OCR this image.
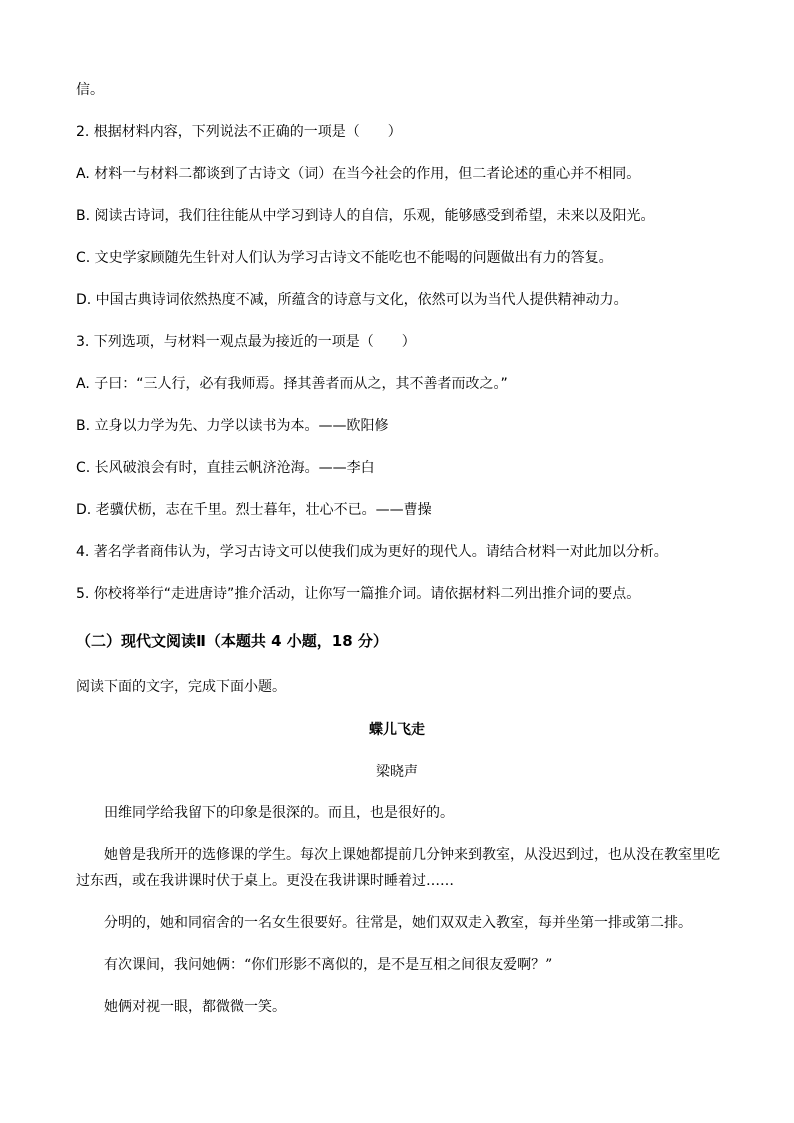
信。
2. 根据材料内容，下列说法不正确的一项是（　　）
A. 材料一与材料二都谈到了古诗文（词）在当今社会的作用，但二者论述的重心并不相同。
B. 阅读古诗词，我们往往能从中学习到诗人的自信，乐观，能够感受到希望，未来以及阳光。
C. 文史学家顾随先生针对人们认为学习古诗文不能吃也不能喝的问题做出有力的答复。
D. 中国古典诗词依然热度不减，所蕴含的诗意与文化，依然可以为当代人提供精神动力。
3. 下列选项，与材料一观点最为接近的一项是（　　）
A. 子曰：“三人行，必有我师焉。择其善者而从之，其不善者而改之。”
B. 立身以力学为先、力学以读书为本。——欧阳修
C. 长风破浪会有时，直挂云帆济沧海。——李白
D. 老骥伏枥，志在千里。烈士暮年，壮心不已。——曹操
4. 著名学者商伟认为，学习古诗文可以使我们成为更好的现代人。请结合材料一对此加以分析。
5. 你校将举行“走进唐诗”推介活动，让你写一篇推介词。请依据材料二列出推介词的要点。
（二）现代文阅读Ⅱ（本题共 4 小题，18 分）
阅读下面的文字，完成下面小题。
蝶儿飞走
梁晓声
田维同学给我留下的印象是很深的。而且，也是很好的。
她曾是我所开的选修课的学生。每次上课她都提前几分钟来到教室，从没迟到过，也从没在教室里吃
过东西，或在我讲课时伏于桌上。更没在我讲课时睡着过……
分明的，她和同宿舍的一名女生很要好。往常是，她们双双走入教室，每并坐第一排或第二排。
有次课间，我问她俩：“你们形影不离似的，是不是互相之间很友爱啊？”
她俩对视一眼，都微微一笑。
